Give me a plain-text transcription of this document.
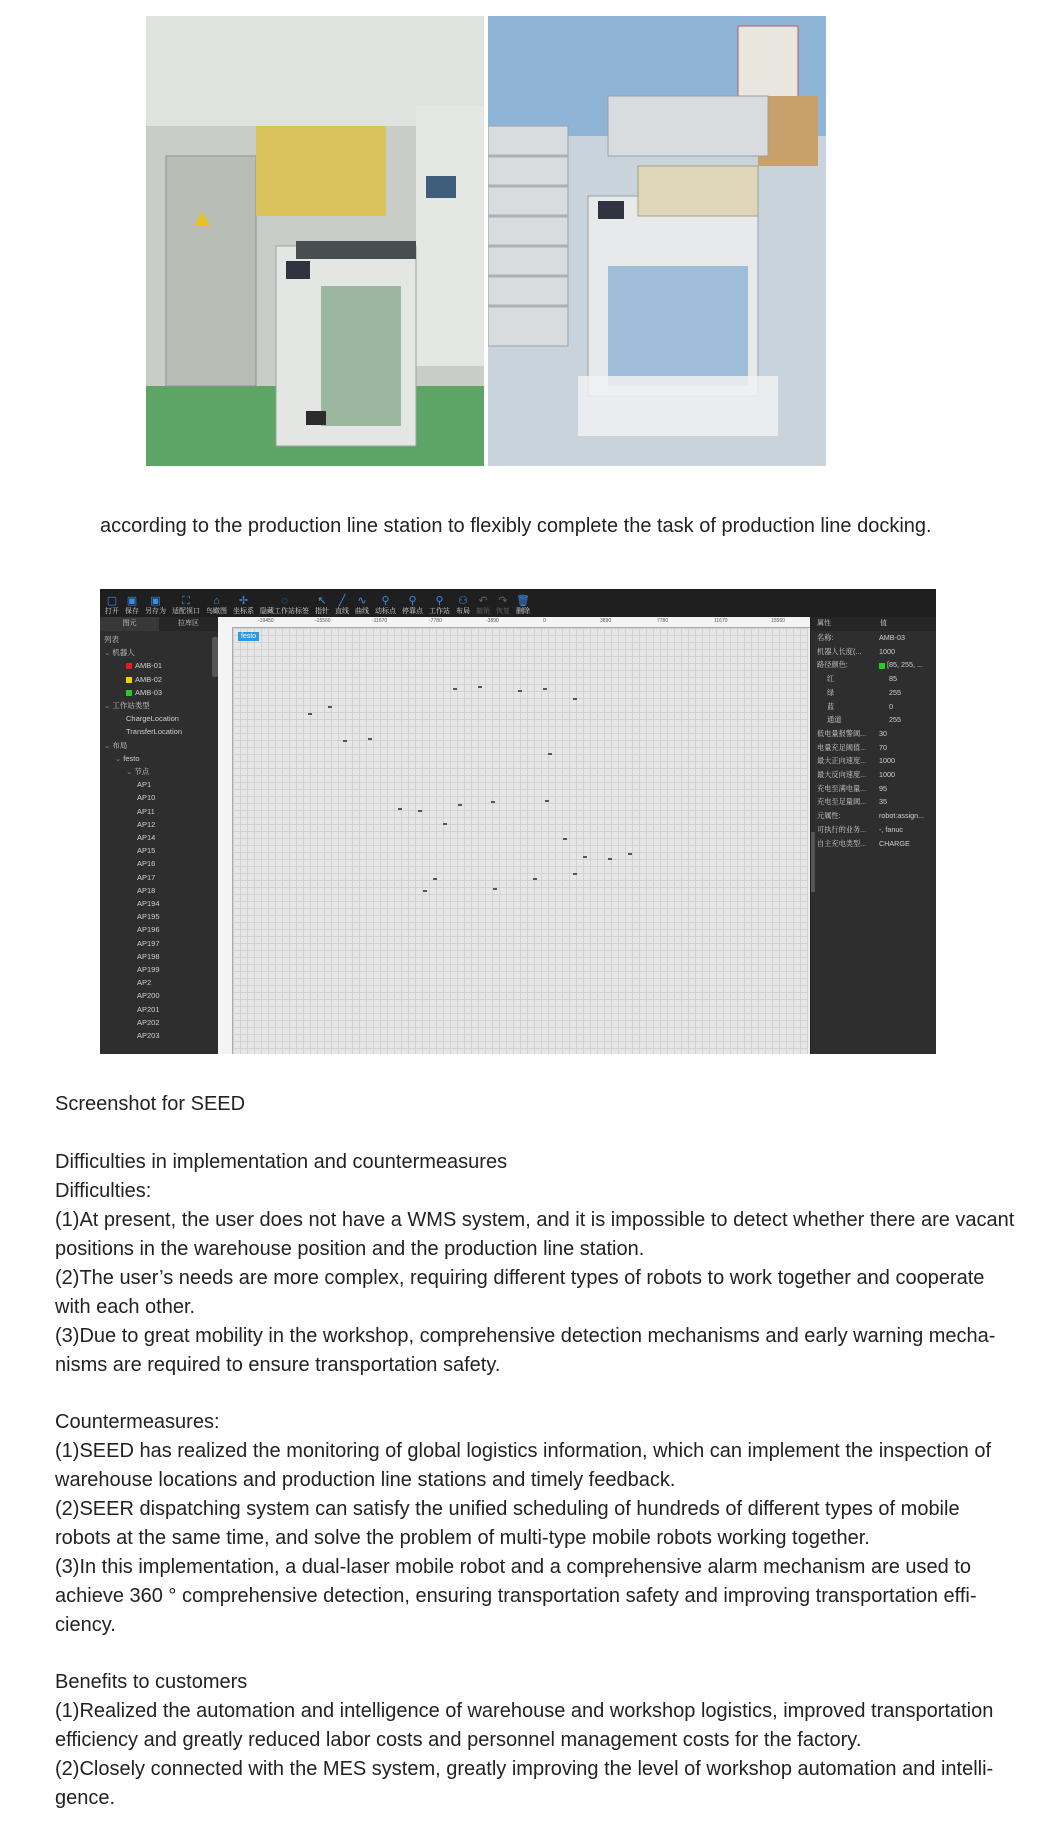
according to the production line station to flexibly complete the task of production line docking.
▢
打开
▣
保存
▣
另存为
⛶
适配视口
⌂
鸟瞰图
✢
坐标系
◌
隐藏工作站标签
↖
指针
╱
直线
∿
曲线
⚲
动标点
⚲
停靠点
⚲
工作站
⚇
布局
↶
撤销
↷
恢复
🗑
删除
图元	拉库区
列表
⌄ 机器人
AMB-01
AMB-02
AMB-03
⌄ 工作站类型
ChargeLocation
TransferLocation
⌄ 布局
⌄ festo
⌄ 节点
AP1
AP10
AP11
AP12
AP14
AP15
AP16
AP17
AP18
AP194
AP195
AP196
AP197
AP198
AP199
AP2
AP200
AP201
AP202
AP203
-19450	-15560	-11670	-7780	-3890	0	3890	7780	11670	15560
festo
属性	值
名称:	AMB-03
机器人长度(...	1000
路径颜色:	[85, 255, ...
红	85
绿	255
蓝	0
通道	255
低电量报警阈...	30
电量充足阈值...	70
最大正向速度...	1000
最大反向速度...	1000
充电至满电量...	95
充电至足量阈...	35
元属性:	robot:assign...
可执行的业务...	-, fanuc
自主充电类型...	CHARGE

Screenshot for SEED

Difficulties in implementation and countermeasures

Difficulties:

(1)At present, the user does not have a WMS system, and it is impossible to detect whether there are vacant positions in the warehouse position and the production line station.

(2)The user’s needs are more complex, requiring different types of robots to work together and cooperate with each other.

(3)Due to great mobility in the workshop, comprehensive detection mechanisms and early warning mecha- nisms are required to ensure transportation safety.

Countermeasures:

(1)SEED has realized the monitoring of global logistics information, which can implement the inspection of warehouse locations and production line stations and timely feedback.

(2)SEER dispatching system can satisfy the unified scheduling of hundreds of different types of mobile robots at the same time, and solve the problem of multi-type mobile robots working together.

(3)In this implementation, a dual-laser mobile robot and a comprehensive alarm mechanism are used to achieve 360 ° comprehensive detection, ensuring transportation safety and improving transportation effi- ciency.

Benefits to customers

(1)Realized the automation and intelligence of warehouse and workshop logistics, improved transportation efficiency and greatly reduced labor costs and personnel management costs for the factory.

(2)Closely connected with the MES system, greatly improving the level of workshop automation and intelli- gence.
